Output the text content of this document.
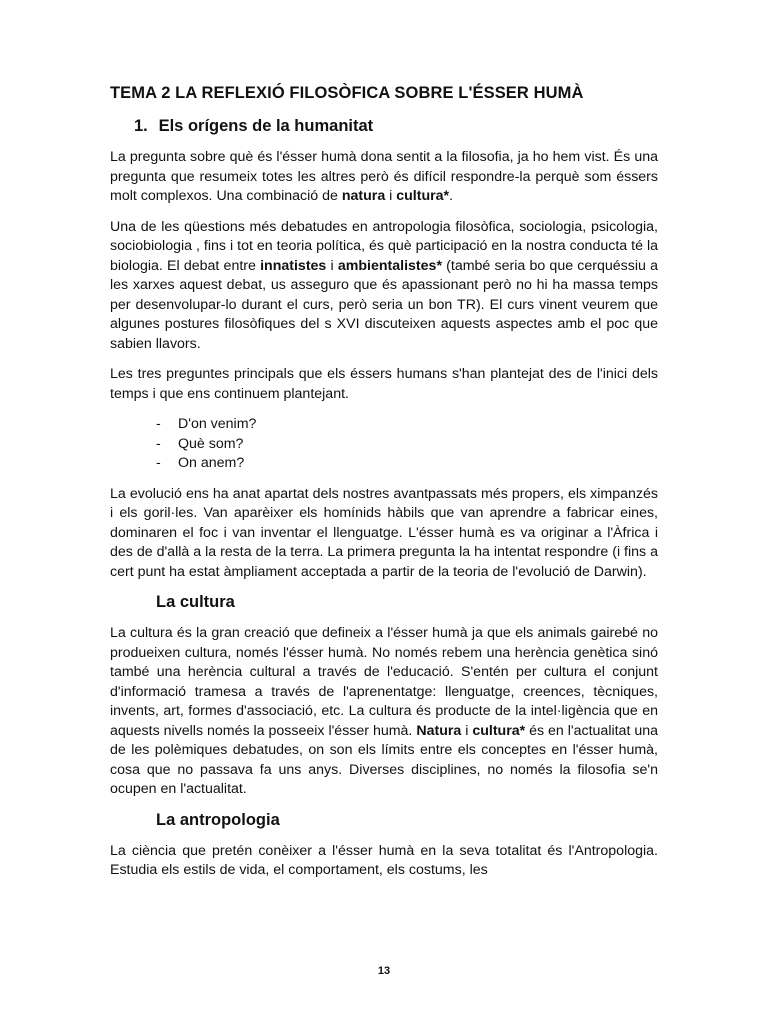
TEMA 2 LA REFLEXIÓ FILOSÒFICA SOBRE L'ÉSSER HUMÀ
1. Els orígens de la humanitat

La pregunta sobre què és l'ésser humà dona sentit a la filosofia, ja ho hem vist. És una pregunta que resumeix totes les altres però és difícil respondre-la perquè som éssers molt complexos. Una combinació de natura i cultura*.

Una de les qüestions més debatudes en antropologia filosòfica, sociologia, psicologia, sociobiologia , fins i tot en teoria política, és què participació en la nostra conducta té la biologia. El debat entre innatistes i ambientalistes* (també seria bo que cerquéssiu a les xarxes aquest debat, us asseguro que és apassionant però no hi ha massa temps per desenvolupar-lo durant el curs, però seria un bon TR). El curs vinent veurem que algunes postures filosòfiques del s XVI discuteixen aquests aspectes amb el poc que sabien llavors.

Les tres preguntes principals que els éssers humans s'han plantejat des de l'inici dels temps i que ens continuem plantejant.

- D'on venim?
- Què som?
- On anem?

La evolució ens ha anat apartat dels nostres avantpassats més propers, els ximpanzés i els goril·les. Van aparèixer els homínids hàbils que van aprendre a fabricar eines, dominaren el foc i van inventar el llenguatge. L'ésser humà es va originar a l'Àfrica i des de d'allà a la resta de la terra. La primera pregunta la ha intentat respondre (i fins a cert punt ha estat àmpliament acceptada a partir de la teoria de l'evolució de Darwin).

La cultura

La cultura és la gran creació que defineix a l'ésser humà ja que els animals gairebé no produeixen cultura, només l'ésser humà. No només rebem una herència genètica sinó també una herència cultural a través de l'educació. S'entén per cultura el conjunt d'informació tramesa a través de l'aprenentatge: llenguatge, creences, tècniques, invents, art, formes d'associació, etc. La cultura és producte de la intel·ligència que en aquests nivells només la posseeix l'ésser humà. Natura i cultura* és en l'actualitat una de les polèmiques debatudes, on son els límits entre els conceptes en l'ésser humà, cosa que no passava fa uns anys. Diverses disciplines, no només la filosofia se'n ocupen en l'actualitat.

La antropologia

La ciència que pretén conèixer a l'ésser humà en la seva totalitat és l'Antropologia. Estudia els estils de vida, el comportament, els costums, les

13
